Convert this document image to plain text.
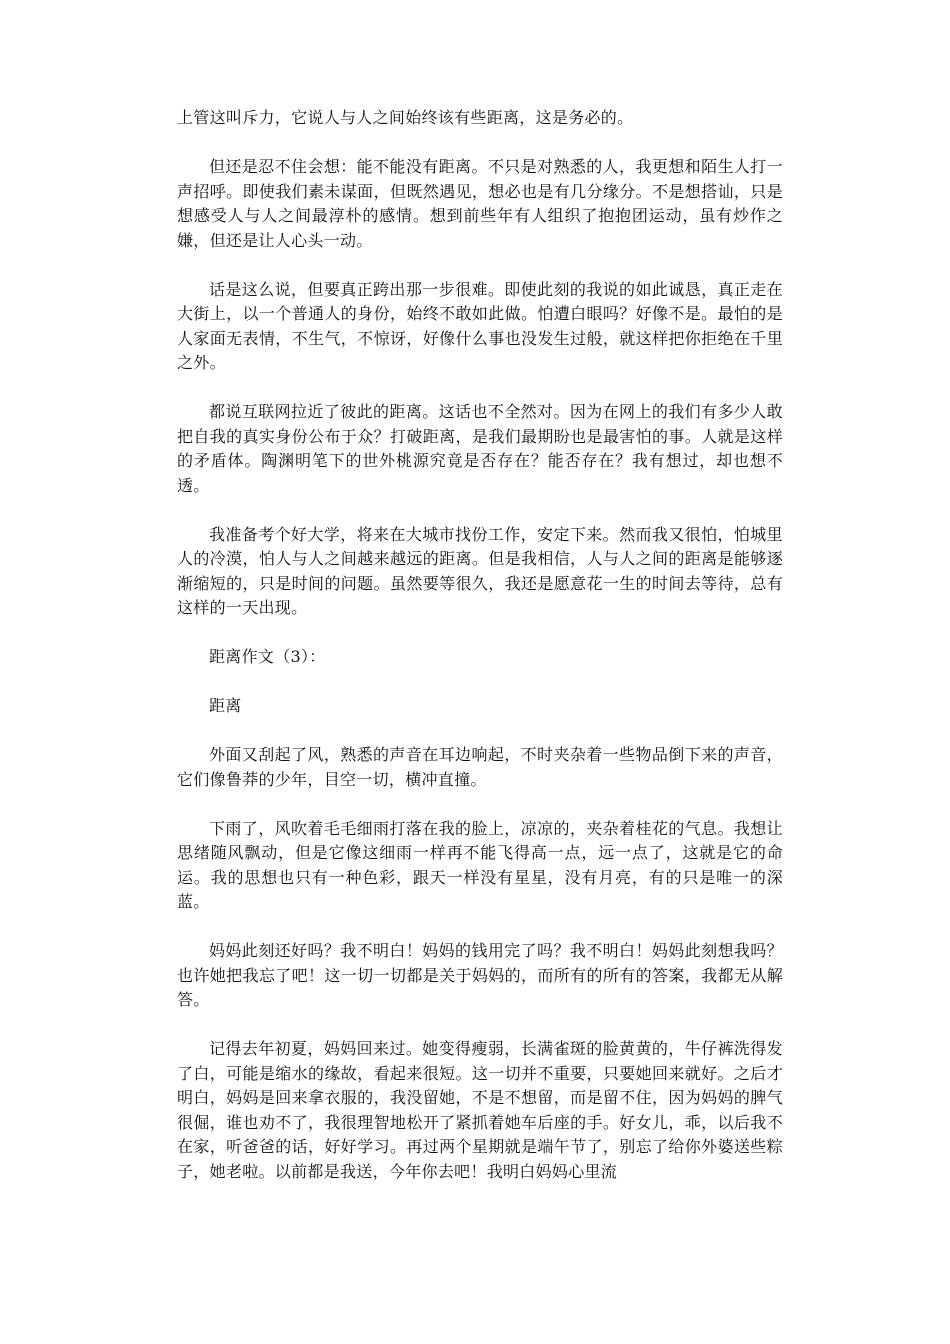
上管这叫斥力，它说人与人之间始终该有些距离，这是务必的。

但还是忍不住会想：能不能没有距离。不只是对熟悉的人，我更想和陌生人打一声招呼。即使我们素未谋面，但既然遇见，想必也是有几分缘分。不是想搭讪，只是想感受人与人之间最淳朴的感情。想到前些年有人组织了抱抱团运动，虽有炒作之嫌，但还是让人心头一动。

话是这么说，但要真正跨出那一步很难。即使此刻的我说的如此诚恳，真正走在大街上，以一个普通人的身份，始终不敢如此做。怕遭白眼吗？好像不是。最怕的是人家面无表情，不生气，不惊讶，好像什么事也没发生过般，就这样把你拒绝在千里之外。

都说互联网拉近了彼此的距离。这话也不全然对。因为在网上的我们有多少人敢把自我的真实身份公布于众？打破距离，是我们最期盼也是最害怕的事。人就是这样的矛盾体。陶渊明笔下的世外桃源究竟是否存在？能否存在？我有想过，却也想不透。

我准备考个好大学，将来在大城市找份工作，安定下来。然而我又很怕，怕城里人的冷漠，怕人与人之间越来越远的距离。但是我相信，人与人之间的距离是能够逐渐缩短的，只是时间的问题。虽然要等很久，我还是愿意花一生的时间去等待，总有这样的一天出现。

距离作文（3）：

距离

外面又刮起了风，熟悉的声音在耳边响起，不时夹杂着一些物品倒下来的声音，它们像鲁莽的少年，目空一切，横冲直撞。

下雨了，风吹着毛毛细雨打落在我的脸上，凉凉的，夹杂着桂花的气息。我想让思绪随风飘动，但是它像这细雨一样再不能飞得高一点，远一点了，这就是它的命运。我的思想也只有一种色彩，跟天一样没有星星，没有月亮，有的只是唯一的深蓝。

妈妈此刻还好吗？我不明白！妈妈的钱用完了吗？我不明白！妈妈此刻想我吗？也许她把我忘了吧！这一切一切都是关于妈妈的，而所有的所有的答案，我都无从解答。

记得去年初夏，妈妈回来过。她变得瘦弱，长满雀斑的脸黄黄的，牛仔裤洗得发了白，可能是缩水的缘故，看起来很短。这一切并不重要，只要她回来就好。之后才明白，妈妈是回来拿衣服的，我没留她，不是不想留，而是留不住，因为妈妈的脾气很倔，谁也劝不了，我很理智地松开了紧抓着她车后座的手。好女儿，乖，以后我不在家，听爸爸的话，好好学习。再过两个星期就是端午节了，别忘了给你外婆送些粽子，她老啦。以前都是我送，今年你去吧！我明白妈妈心里流
